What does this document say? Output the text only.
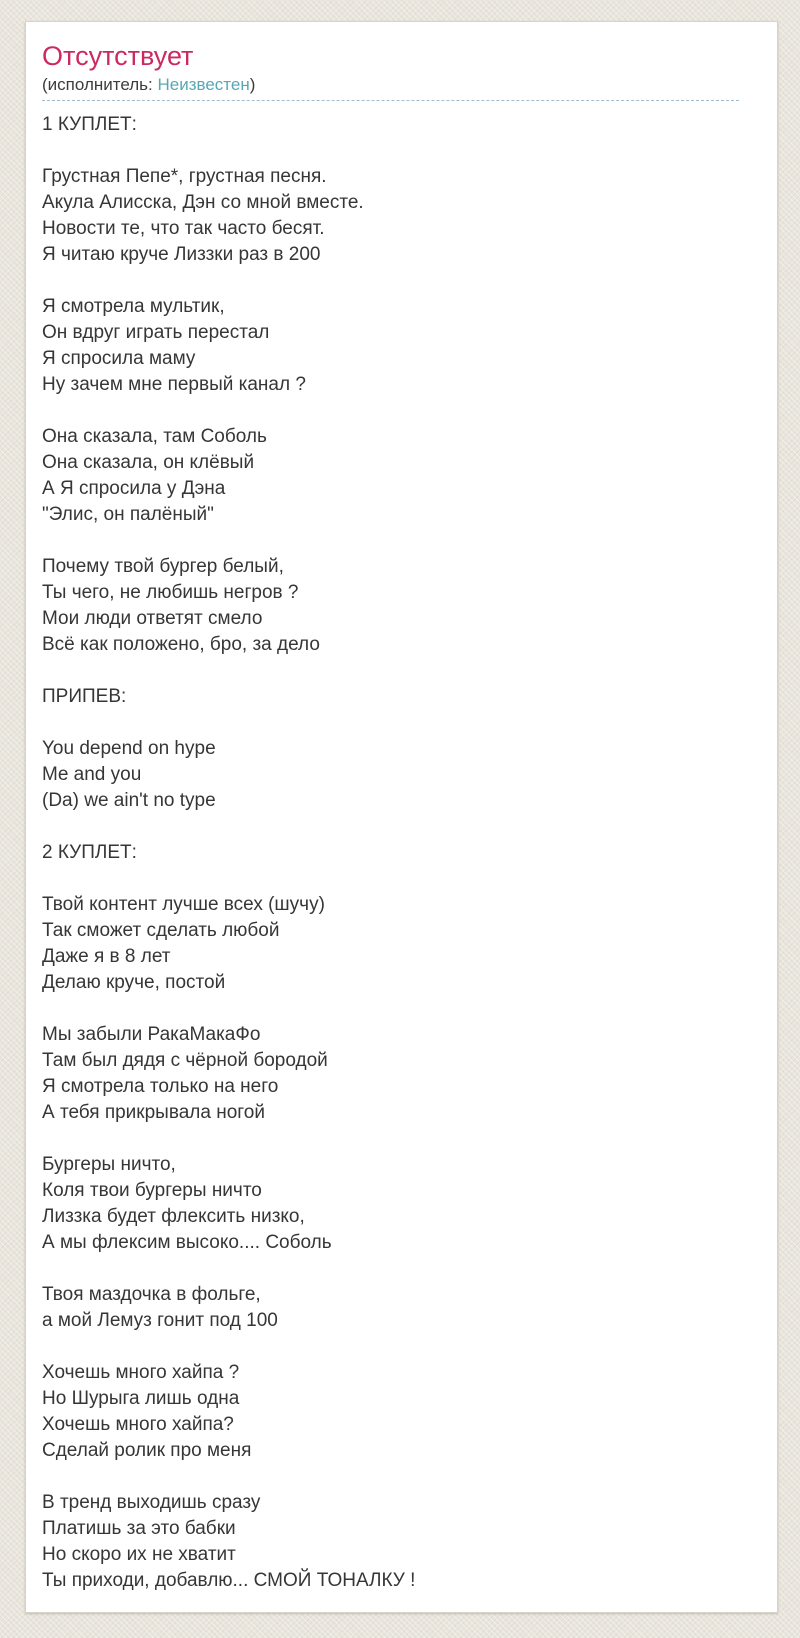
Отсутствует
(исполнитель: Неизвестен)
1 КУПЛЕТ:
Грустная Пепе*, грустная песня.
Акула Алисска, Дэн со мной вместе.
Новости те, что так часто бесят.
Я читаю круче Лиззки раз в 200
Я смотрела мультик,
Он вдруг играть перестал
Я спросила маму
Ну зачем мне первый канал ?
Она сказала, там Соболь
Она сказала, он клёвый
А Я спросила у Дэна
"Элис, он палёный"
Почему твой бургер белый,
Ты чего, не любишь негров ?
Мои люди ответят смело
Всё как положено, бро, за дело
ПРИПЕВ:
You depend on hype
Me and you
(Da) we ain't no type
2 КУПЛЕТ:
Твой контент лучше всех (шучу)
Так сможет сделать любой
Даже я в 8 лет
Делаю круче, постой
Мы забыли РакаМакаФо
Там был дядя с чёрной бородой
Я смотрела только на него
А тебя прикрывала ногой
Бургеры ничто,
Коля твои бургеры ничто
Лиззка будет флексить низко,
А мы флексим высоко.... Соболь
Твоя маздочка в фольге,
а мой Лемуз гонит под 100
Хочешь много хайпа ?
Но Шурыга лишь одна
Хочешь много хайпа?
Сделай ролик про меня
В тренд выходишь сразу
Платишь за это бабки
Но скоро их не хватит
Ты приходи, добавлю... СМОЙ ТОНАЛКУ !
